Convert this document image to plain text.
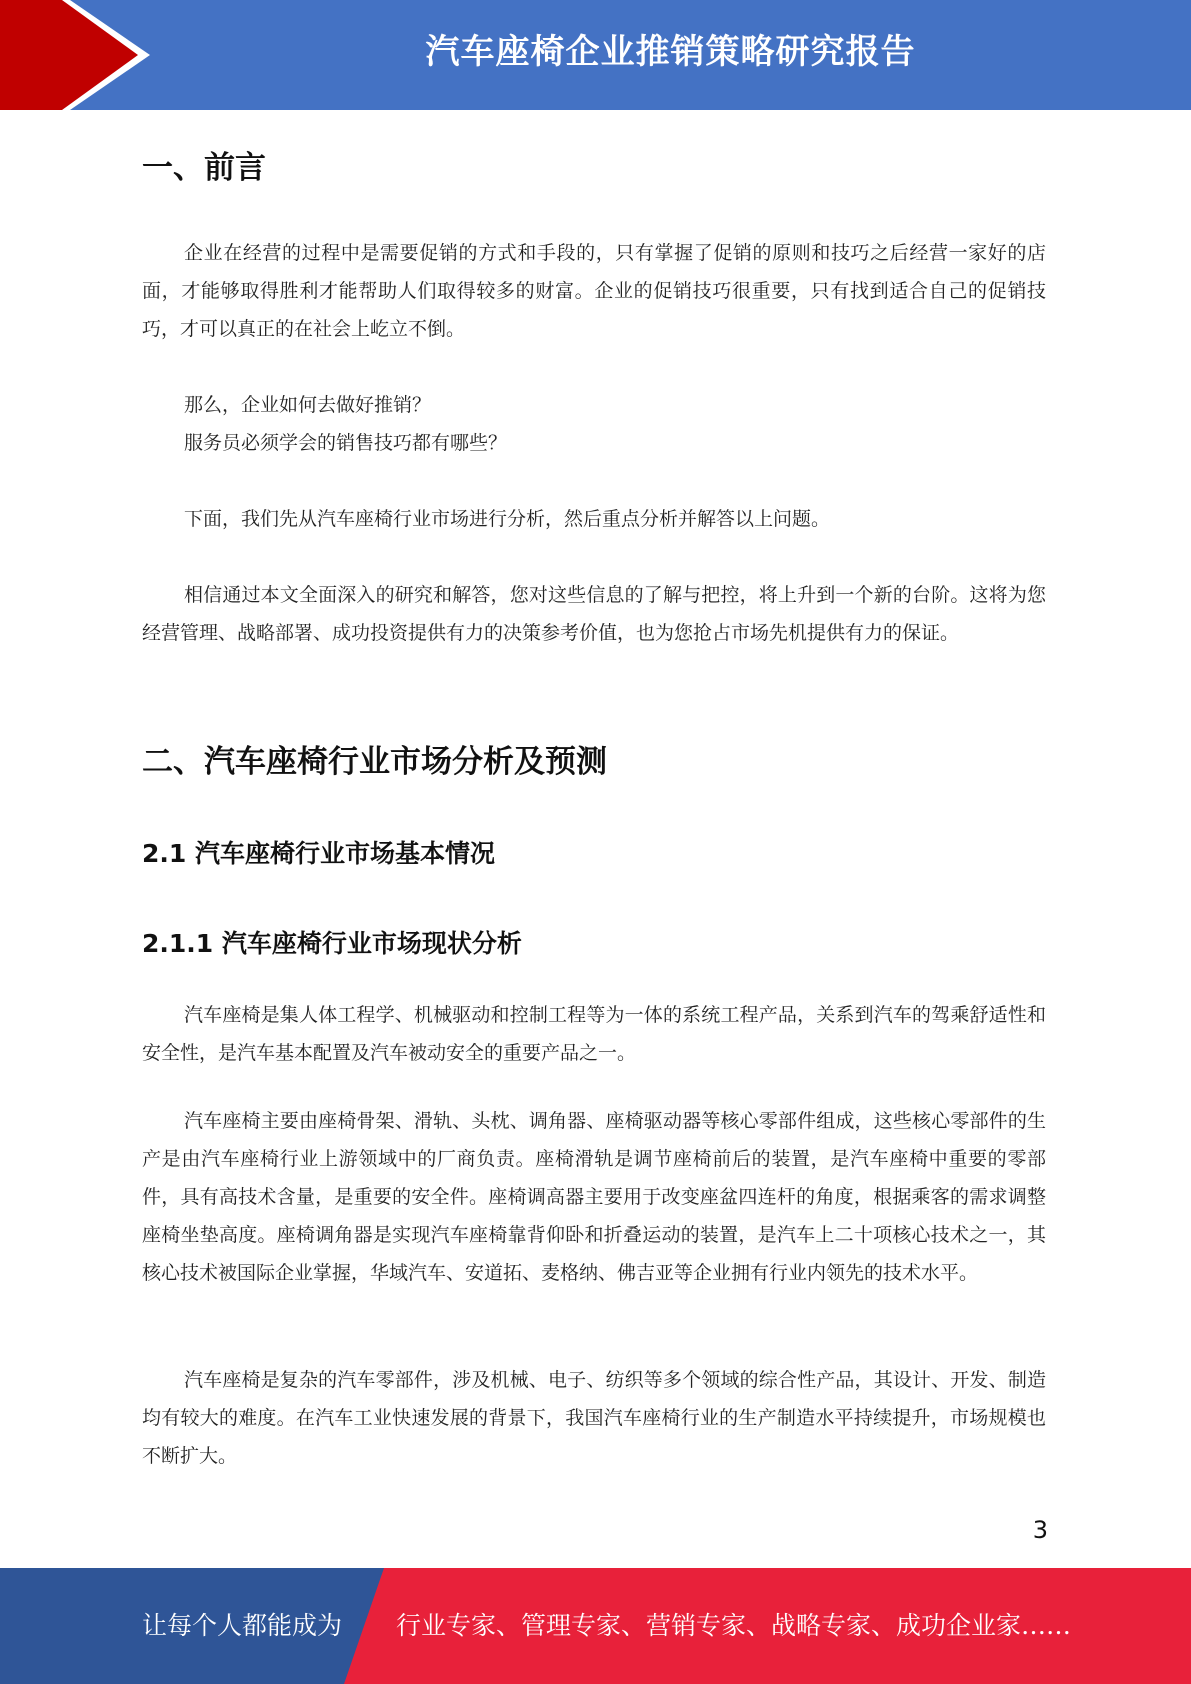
汽车座椅企业推销策略研究报告
一、前言

企业在经营的过程中是需要促销的方式和手段的，只有掌握了促销的原则和技巧之后经营一家好的店面，才能够取得胜利才能帮助人们取得较多的财富。企业的促销技巧很重要，只有找到适合自己的促销技巧，才可以真正的在社会上屹立不倒。

那么，企业如何去做好推销？

服务员必须学会的销售技巧都有哪些？

下面，我们先从汽车座椅行业市场进行分析，然后重点分析并解答以上问题。

相信通过本文全面深入的研究和解答，您对这些信息的了解与把控，将上升到一个新的台阶。这将为您经营管理、战略部署、成功投资提供有力的决策参考价值，也为您抢占市场先机提供有力的保证。

二、汽车座椅行业市场分析及预测
2.1 汽车座椅行业市场基本情况
2.1.1 汽车座椅行业市场现状分析

汽车座椅是集人体工程学、机械驱动和控制工程等为一体的系统工程产品，关系到汽车的驾乘舒适性和安全性，是汽车基本配置及汽车被动安全的重要产品之一。

汽车座椅主要由座椅骨架、滑轨、头枕、调角器、座椅驱动器等核心零部件组成，这些核心零部件的生产是由汽车座椅行业上游领域中的厂商负责。座椅滑轨是调节座椅前后的装置，是汽车座椅中重要的零部件，具有高技术含量，是重要的安全件。座椅调高器主要用于改变座盆四连杆的角度，根据乘客的需求调整座椅坐垫高度。座椅调角器是实现汽车座椅靠背仰卧和折叠运动的装置，是汽车上二十项核心技术之一，其核心技术被国际企业掌握，华域汽车、安道拓、麦格纳、佛吉亚等企业拥有行业内领先的技术水平。

汽车座椅是复杂的汽车零部件，涉及机械、电子、纺织等多个领域的综合性产品，其设计、开发、制造均有较大的难度。在汽车工业快速发展的背景下，我国汽车座椅行业的生产制造水平持续提升，市场规模也不断扩大。

3
让每个人都能成为 行业专家、管理专家、营销专家、战略专家、成功企业家……
